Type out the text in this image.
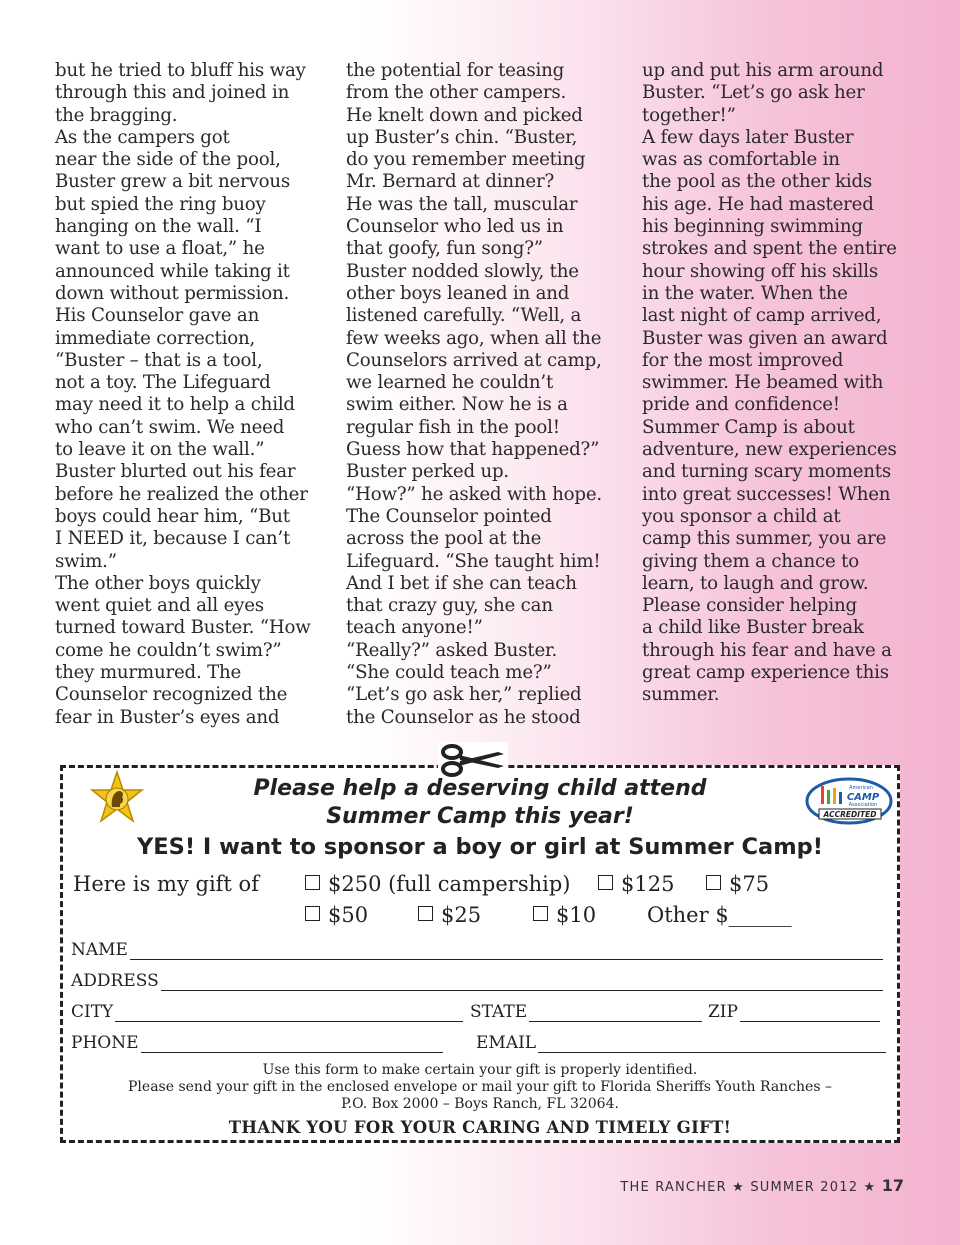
but he tried to bluff his way
through this and joined in
the bragging.
As the campers got
near the side of the pool,
Buster grew a bit nervous
but spied the ring buoy
hanging on the wall. “I
want to use a float,” he
announced while taking it
down without permission.
His Counselor gave an
immediate correction,
“Buster – that is a tool,
not a toy. The Lifeguard
may need it to help a child
who can’t swim. We need
to leave it on the wall.”
Buster blurted out his fear
before he realized the other
boys could hear him, “But
I NEED it, because I can’t
swim.”
The other boys quickly
went quiet and all eyes
turned toward Buster. “How
come he couldn’t swim?”
they murmured. The
Counselor recognized the
fear in Buster’s eyes and

the potential for teasing
from the other campers.
He knelt down and picked
up Buster’s chin. “Buster,
do you remember meeting
Mr. Bernard at dinner?
He was the tall, muscular
Counselor who led us in
that goofy, fun song?”
Buster nodded slowly, the
other boys leaned in and
listened carefully. “Well, a
few weeks ago, when all the
Counselors arrived at camp,
we learned he couldn’t
swim either. Now he is a
regular fish in the pool!
Guess how that happened?”
Buster perked up.
“How?” he asked with hope.
The Counselor pointed
across the pool at the
Lifeguard. “She taught him!
And I bet if she can teach
that crazy guy, she can
teach anyone!”
“Really?” asked Buster.
“She could teach me?”
“Let’s go ask her,” replied
the Counselor as he stood

up and put his arm around
Buster. “Let’s go ask her
together!”
A few days later Buster
was as comfortable in
the pool as the other kids
his age. He had mastered
his beginning swimming
strokes and spent the entire
hour showing off his skills
in the water. When the
last night of camp arrived,
Buster was given an award
for the most improved
swimmer. He beamed with
pride and confidence!
Summer Camp is about
adventure, new experiences
and turning scary moments
into great successes! When
you sponsor a child at
camp this summer, you are
giving them a chance to
learn, to laugh and grow.
Please consider helping
a child like Buster break
through his fear and have a
great camp experience this
summer.

Please help a deserving child attend
Summer Camp this year!
YES! I want to sponsor a boy or girl at Summer Camp!
American
CAMP
Association
ACCREDITED
Here is my gift of	$250 (full campership)	$125	$75
$50	$25	$10 Other $______
NAME
ADDRESS
CITY	STATE	ZIP
PHONE	EMAIL
Use this form to make certain your gift is properly identified.
Please send your gift in the enclosed envelope or mail your gift to Florida Sheriffs Youth Ranches –
P.O. Box 2000 – Boys Ranch, FL 32064.
THANK YOU FOR YOUR CARING AND TIMELY GIFT!
THE RANCHER ★ SUMMER 2012 ★ 17
